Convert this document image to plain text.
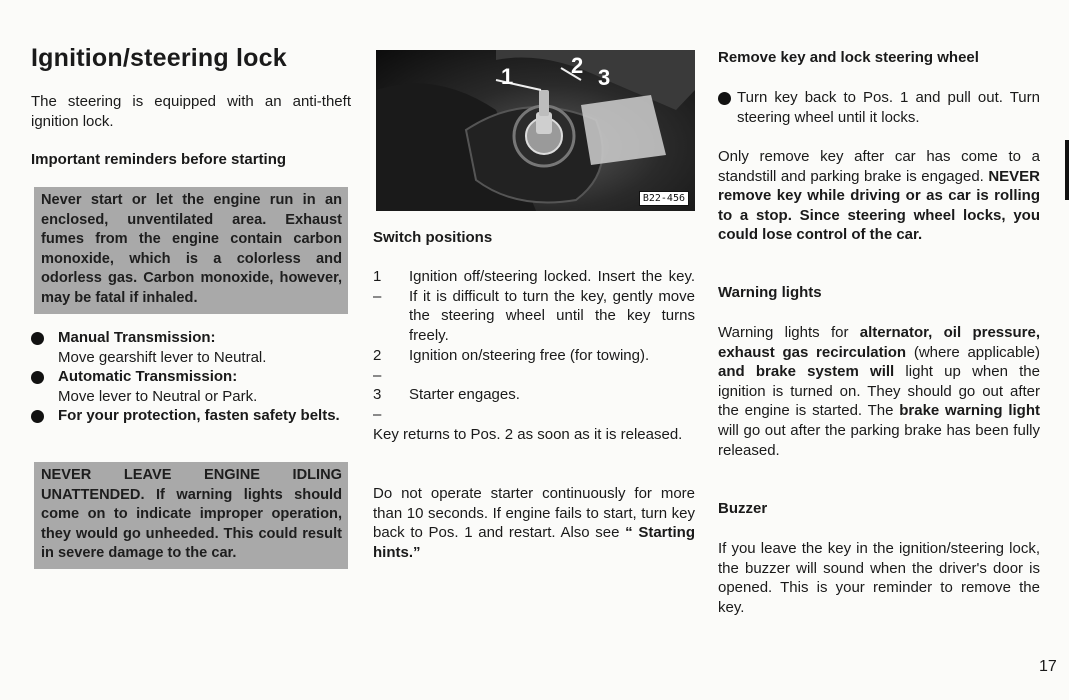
Ignition/steering lock

The steering is equipped with an anti-theft ignition lock.

Important reminders before starting

Never start or let the engine run in an enclosed, unventilated area. Exhaust fumes from the engine contain carbon monoxide, which is a colorless and odorless gas. Carbon monoxide, however, may be fatal if inhaled.
Manual Transmission:
Move gearshift lever to Neutral.
Automatic Transmission:
Move lever to Neutral or Park.
For your protection, fasten safety belts.
NEVER LEAVE ENGINE IDLING UNATTENDED. If warning lights should come on to indicate improper operation, they would go unheeded. This could result in severe damage to the car.
1	2 3
B22-456

Switch positions

1 –
Ignition off/steering locked. Insert the key. If it is difficult to turn the key, gently move the steering wheel until the key turns freely.
2 –
Ignition on/steering free (for towing).
3 –
Starter engages.

Key returns to Pos. 2 as soon as it is released.

Do not operate starter continuously for more than 10 seconds. If engine fails to start, turn key back to Pos. 1 and restart. Also see “ Starting hints.”

Remove key and lock steering wheel

Turn key back to Pos. 1 and pull out. Turn steering wheel until it locks.

Only remove key after car has come to a standstill and parking brake is engaged. NEVER remove key while driving or as car is rolling to a stop. Since steering wheel locks, you could lose control of the car.

Warning lights

Warning lights for alternator, oil pressure, exhaust gas recirculation (where applicable) and brake system will light up when the ignition is turned on. They should go out after the engine is started. The brake warning light will go out after the parking brake has been fully released.

Buzzer

If you leave the key in the ignition/steering lock, the buzzer will sound when the driver's door is opened. This is your reminder to remove the key.

17
